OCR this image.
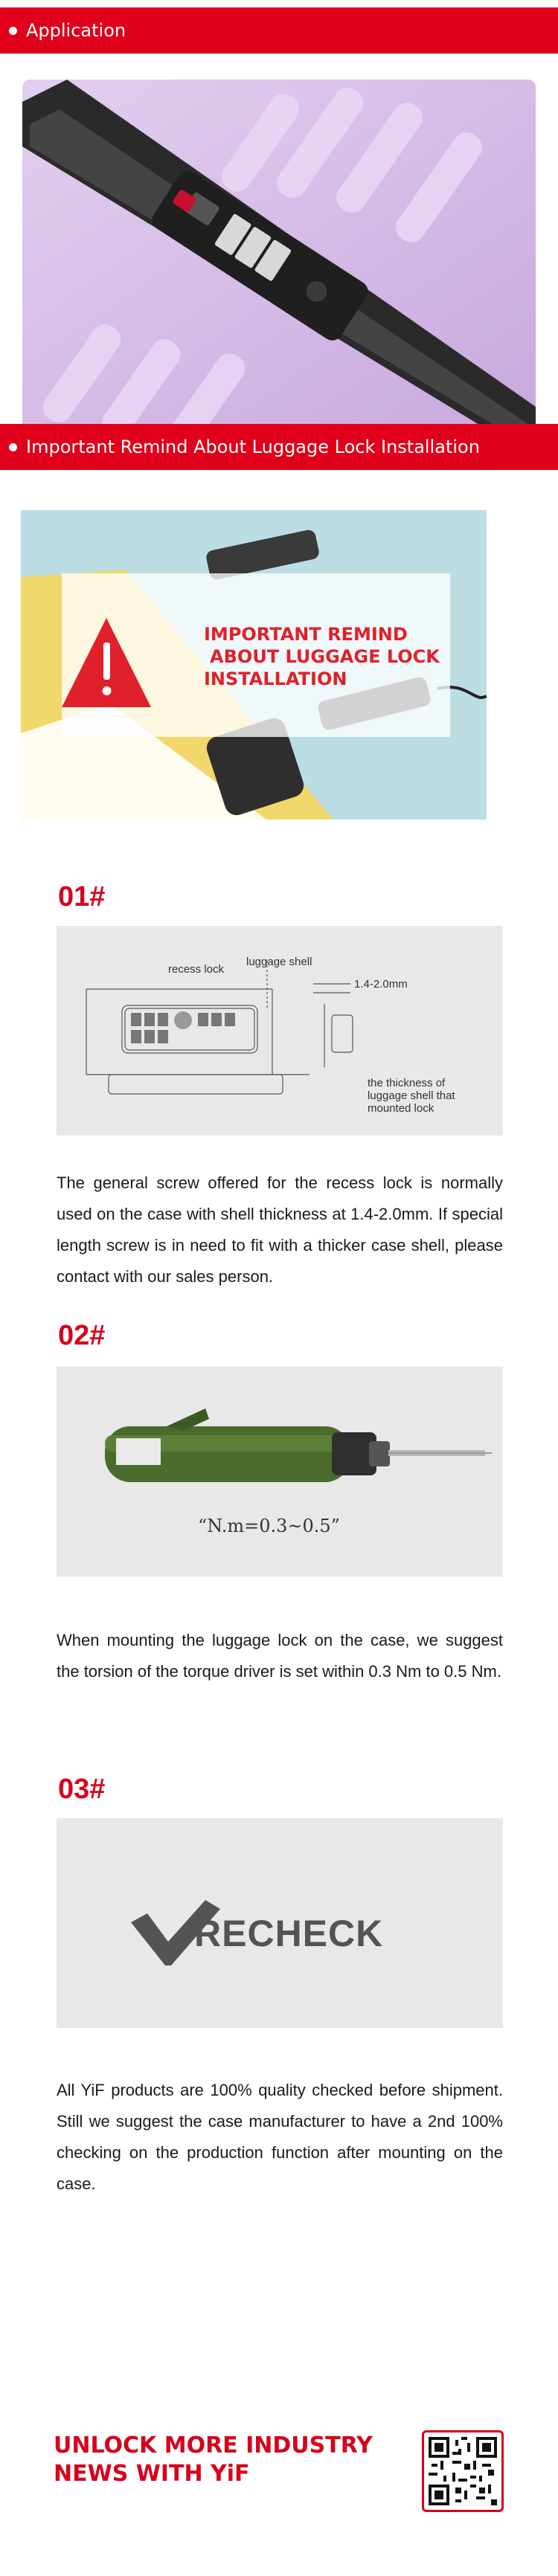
Application
Important Remind About Luggage Lock Installation
IMPORTANT REMIND
ABOUT LUGGAGE LOCK
INSTALLATION
01#
recess lock
luggage shell
1.4-2.0mm
the thickness of
luggage shell that
mounted lock

The general screw offered for the recess lock is normally used on the case with shell thickness at 1.4-2.0mm. If special length screw is in need to fit with a thicker case shell, please contact with our sales person.

02#
“N.m=0.3~0.5”

When mounting the luggage lock on the case, we suggest the torsion of the torque driver is set within 0.3 Nm to 0.5 Nm.

03#
RECHECK

All YiF products are 100% quality checked before shipment. Still we suggest the case manufacturer to have a 2nd 100% checking on the production function after mounting on the case.

UNLOCK MORE INDUSTRY
NEWS WITH YiF
